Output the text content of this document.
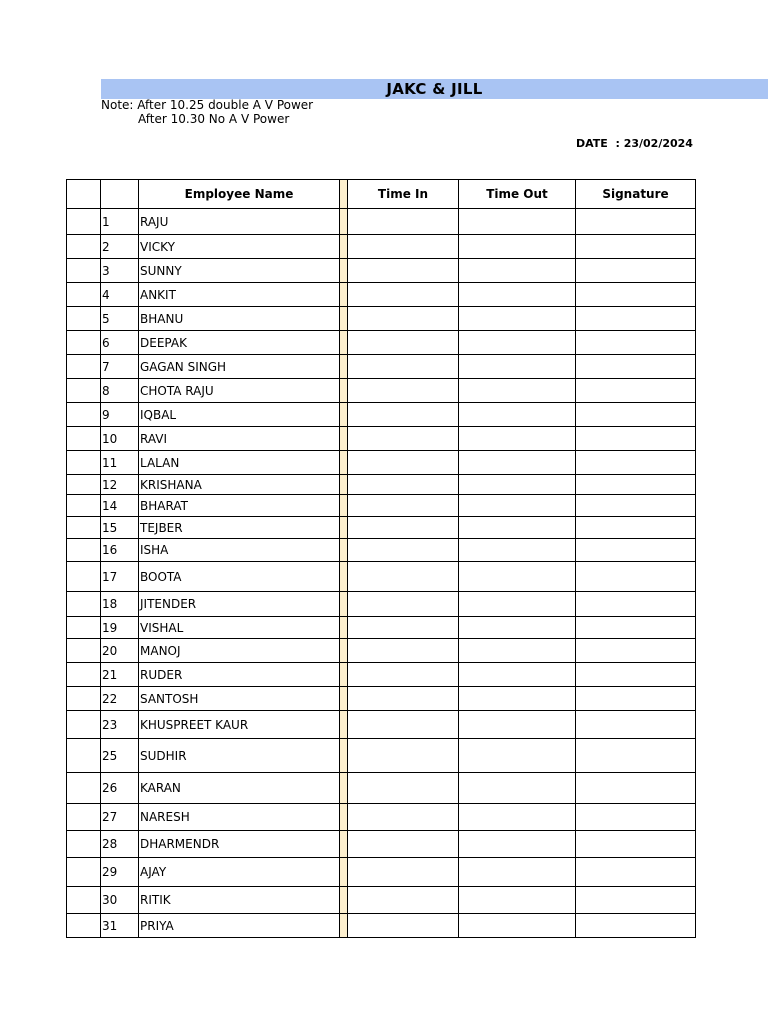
JAKC & JILL
Note: After 10.25 double A V Power
After 10.30 No A V Power
DATE  : 23/02/2024
		Employee Name		Time In	Time Out	Signature
	1	RAJU				
	2	VICKY				
	3	SUNNY				
	4	ANKIT				
	5	BHANU				
	6	DEEPAK				
	7	GAGAN SINGH				
	8	CHOTA RAJU				
	9	IQBAL				
	10	RAVI				
	11	LALAN				
	12	KRISHANA				
	14	BHARAT				
	15	TEJBER				
	16	ISHA				
	17	BOOTA				
	18	JITENDER				
	19	VISHAL				
	20	MANOJ				
	21	RUDER				
	22	SANTOSH				
	23	KHUSPREET KAUR				
	25	SUDHIR				
	26	KARAN				
	27	NARESH				
	28	DHARMENDR				
	29	AJAY				
	30	RITIK				
	31	PRIYA				
